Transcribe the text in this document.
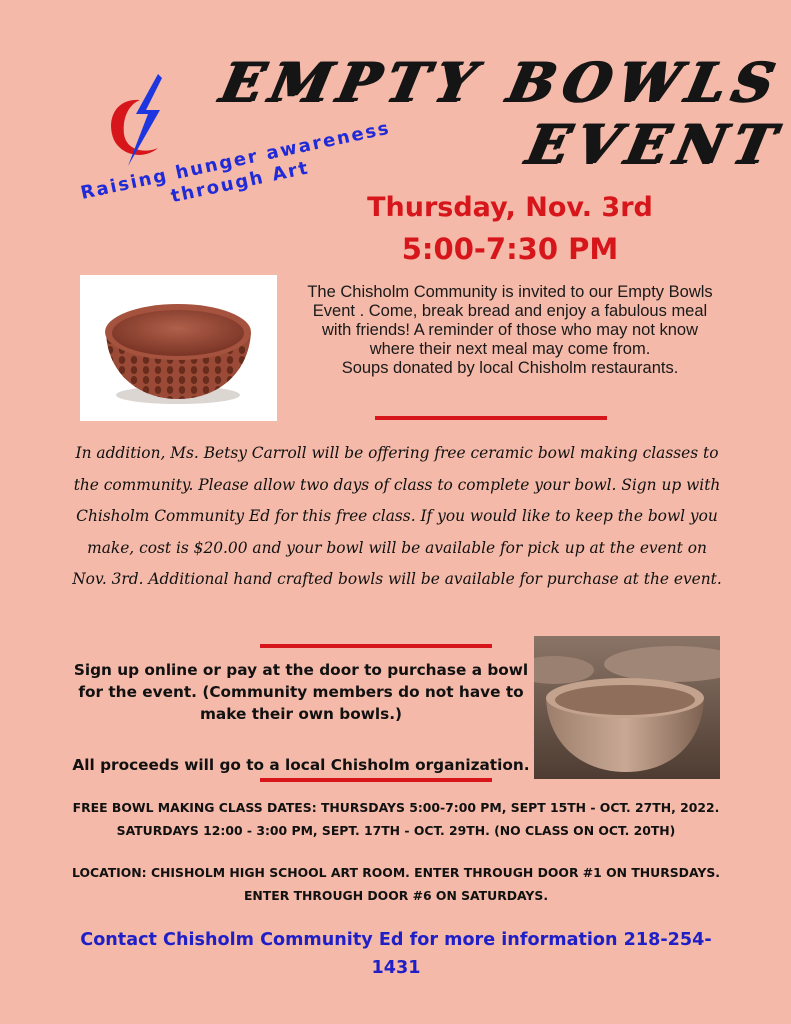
EMPTY BOWLS
EVENT
Raising hunger awareness through Art
Thursday, Nov. 3rd
5:00-7:30 PM

The Chisholm Community is invited to our Empty Bowls Event . Come, break bread and enjoy a fabulous meal with friends! A reminder of those who may not know where their next meal may come from.

Soups donated by local Chisholm restaurants.

In addition, Ms. Betsy Carroll will be offering free ceramic bowl making classes to the community. Please allow two days of class to complete your bowl. Sign up with Chisholm Community Ed for this free class. If you would like to keep the bowl you make, cost is $20.00 and your bowl will be available for pick up at the event on Nov. 3rd. Additional hand crafted bowls will be available for purchase at the event.
Sign up online or pay at the door to purchase a bowl for the event. (Community members do not have to make their own bowls.)
All proceeds will go to a local Chisholm organization.
FREE BOWL MAKING CLASS DATES: THURSDAYS 5:00-7:00 PM, SEPT 15TH - OCT. 27TH, 2022. SATURDAYS 12:00 - 3:00 PM, SEPT. 17TH - OCT. 29TH. (NO CLASS ON OCT. 20TH)
LOCATION: CHISHOLM HIGH SCHOOL ART ROOM. ENTER THROUGH DOOR #1 ON THURSDAYS. ENTER THROUGH DOOR #6 ON SATURDAYS.
Contact Chisholm Community Ed for more information 218-254-1431
